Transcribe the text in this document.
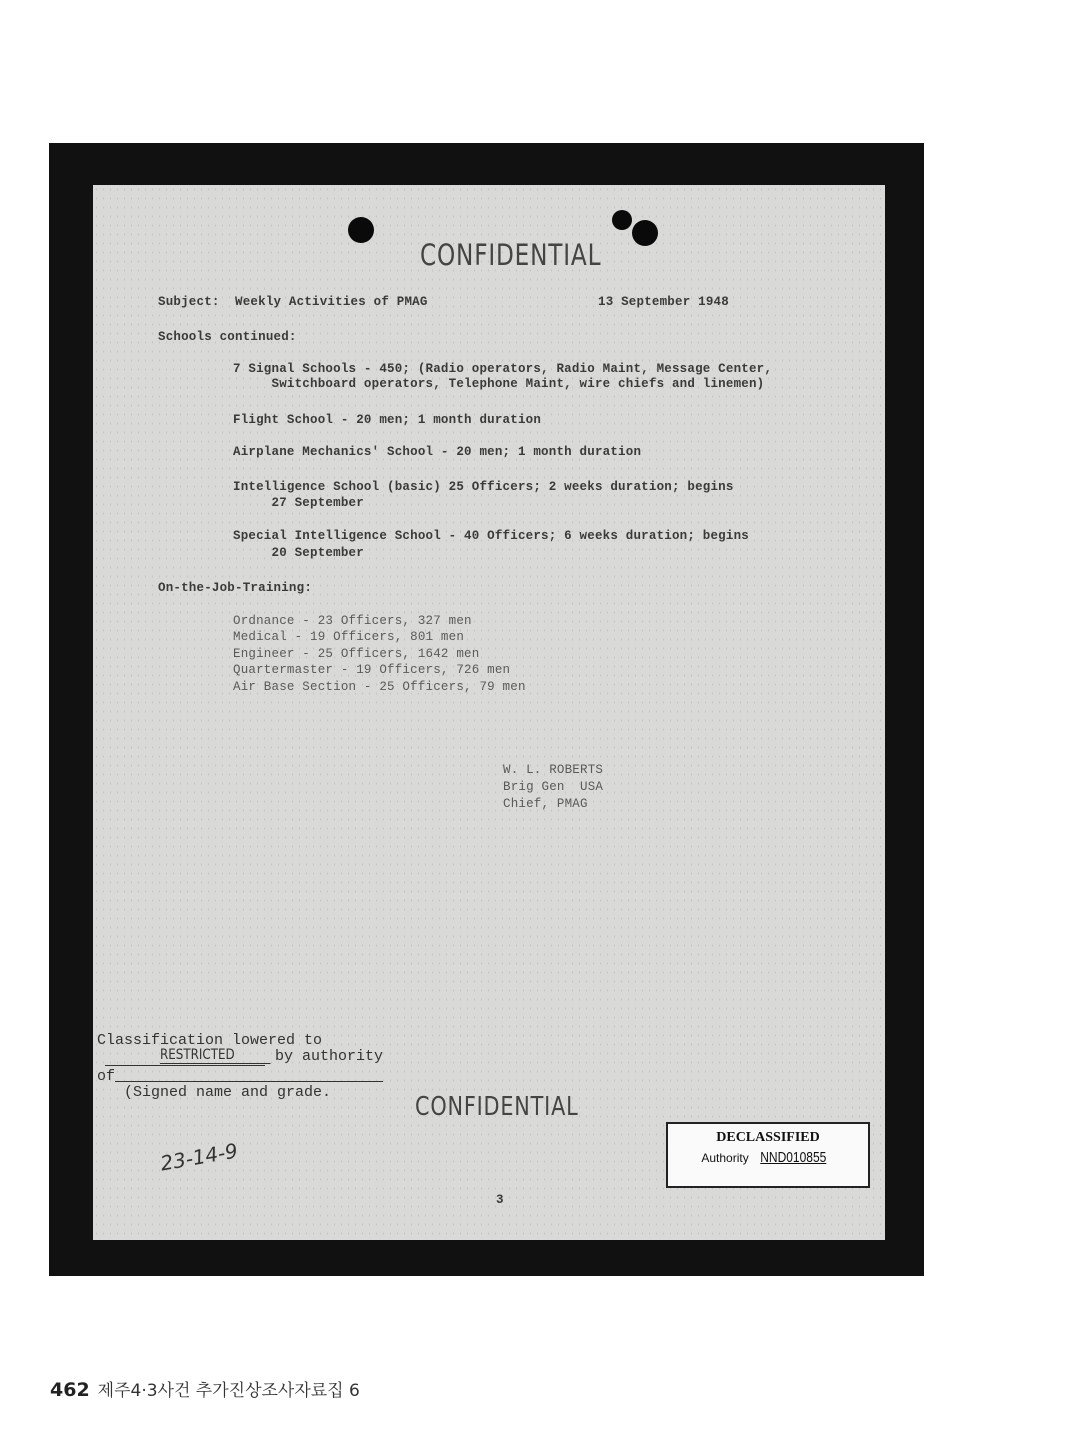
CONFIDENTIAL
Subject:  Weekly Activities of PMAG	13 September 1948
Schools continued:
7 Signal Schools - 450; (Radio operators, Radio Maint, Message Center,
Switchboard operators, Telephone Maint, wire chiefs and linemen)
Flight School - 20 men; 1 month duration
Airplane Mechanics' School - 20 men; 1 month duration
Intelligence School (basic) 25 Officers; 2 weeks duration; begins
27 September
Special Intelligence School - 40 Officers; 6 weeks duration; begins
20 September
On-the-Job-Training:
Ordnance - 23 Officers, 327 men
Medical - 19 Officers, 801 men
Engineer - 25 Officers, 1642 men
Quartermaster - 19 Officers, 726 men
Air Base Section - 25 Officers, 79 men
W. L. ROBERTS
Brig Gen  USA
Chief, PMAG
Classification lowered to
RESTRICTED	by authority
of
(Signed name and grade.	CONFIDENTIAL
23-14-9
DECLASSIFIED
Authority NND010855
3
462 제주4·3사건 추가진상조사자료집 6
